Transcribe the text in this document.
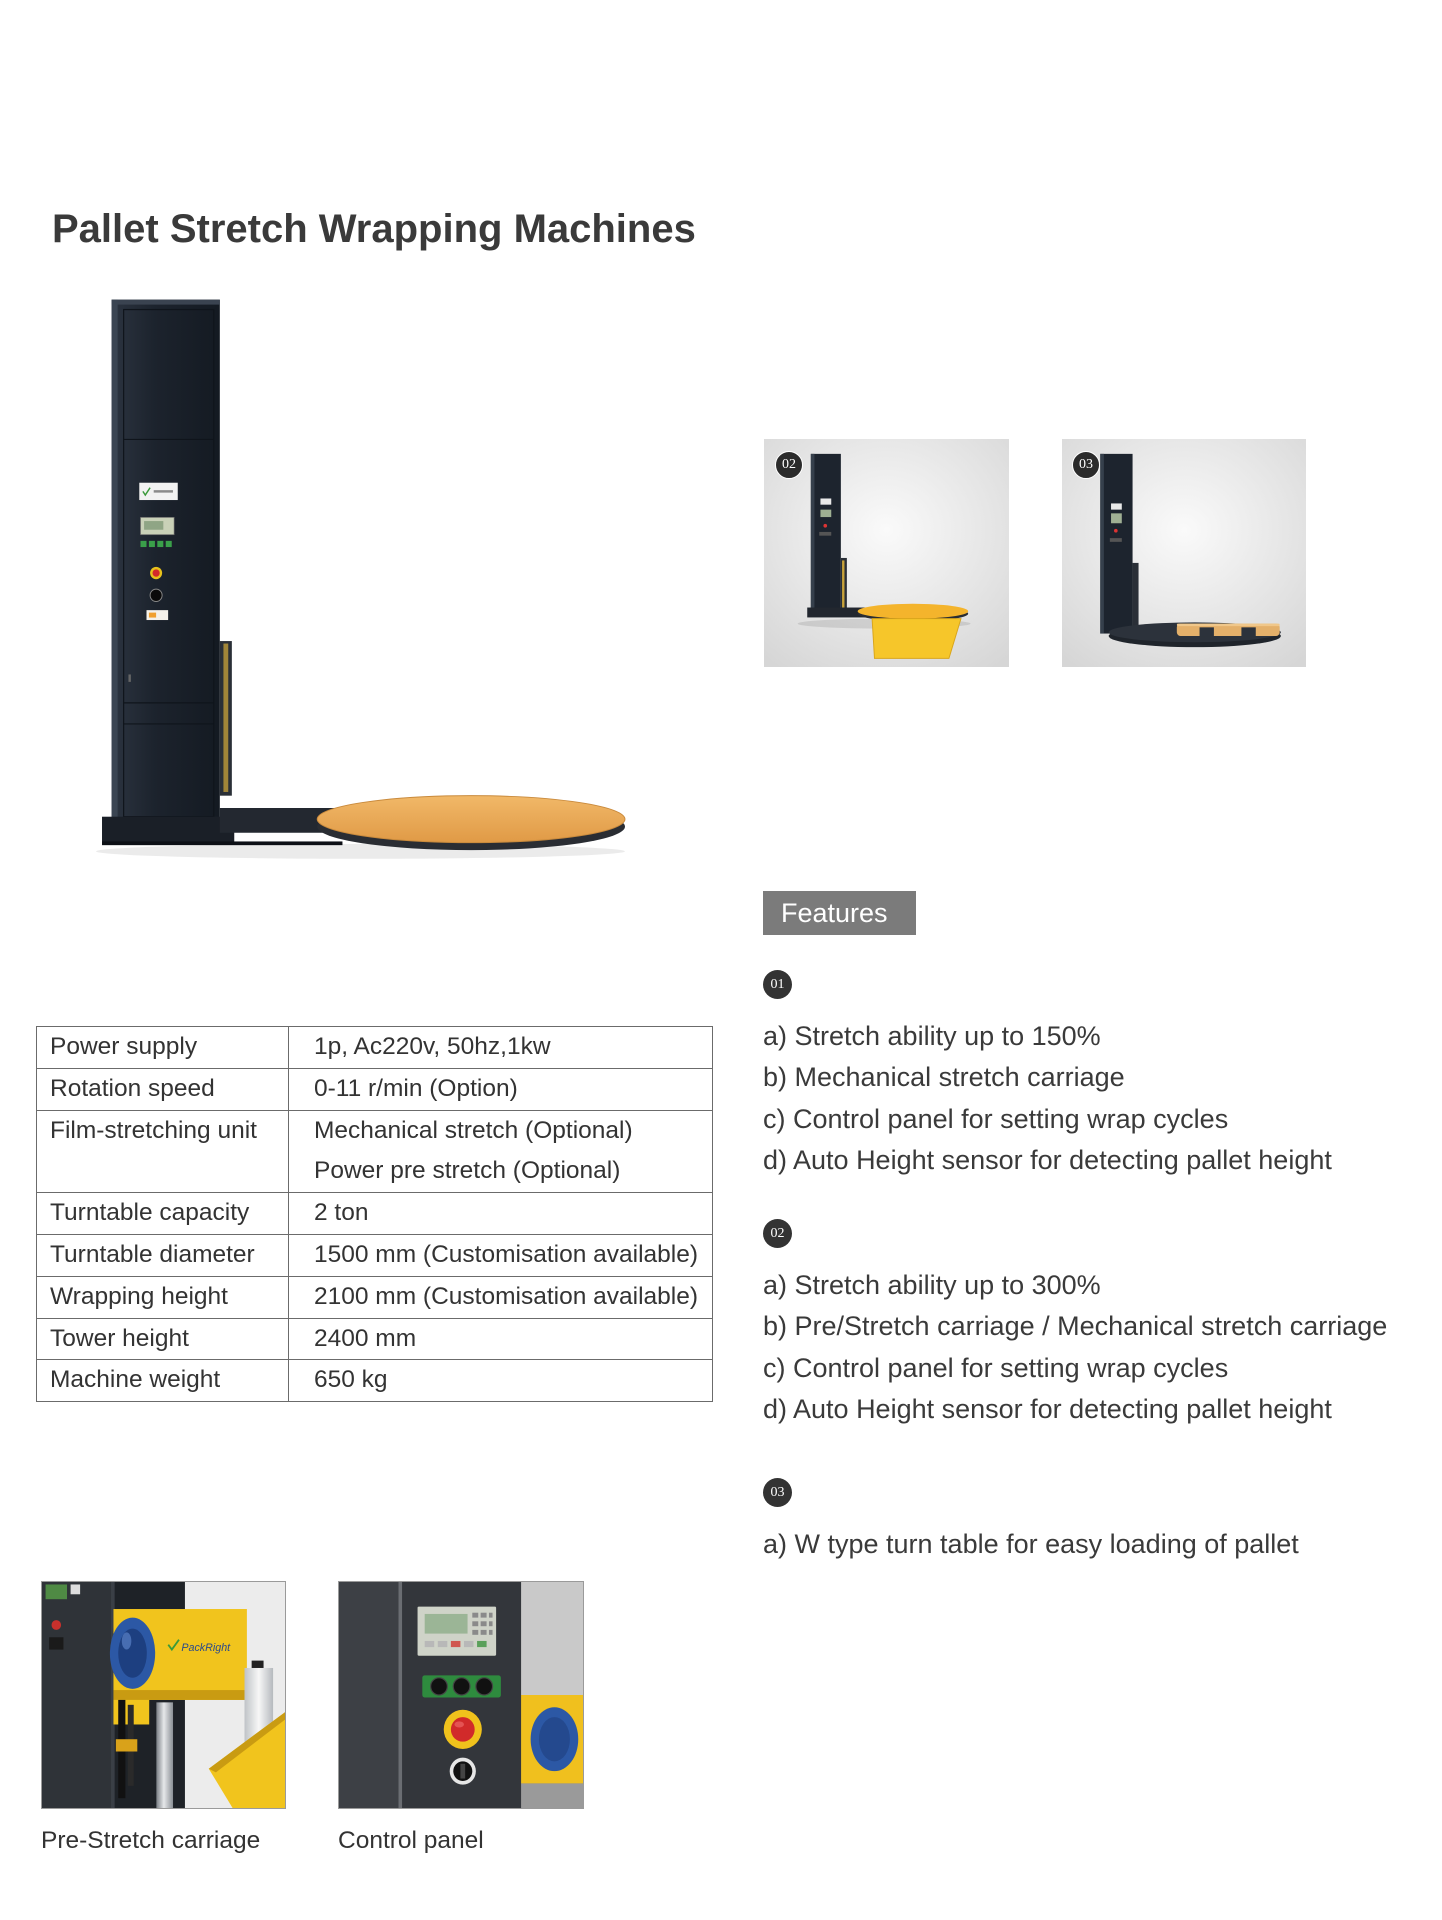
Pallet Stretch Wrapping Machines
02	03
Power supply	1p, Ac220v, 50hz,1kw
Rotation speed	0-11 r/min (Option)
Film-stretching unit	Mechanical stretch (Optional)
Power pre stretch (Optional)

Turntable capacity	2 ton
Turntable diameter	1500 mm (Customisation available)
Wrapping height	2100 mm (Customisation available)
Tower height	2400 mm
Machine weight	650 kg
Features
01
a) Stretch ability up to 150%
b) Mechanical stretch carriage
c) Control panel for setting wrap cycles
d) Auto Height sensor for detecting pallet height
02
a) Stretch ability up to 300%
b) Pre/Stretch carriage / Mechanical stretch carriage
c) Control panel for setting wrap cycles
d) Auto Height sensor for detecting pallet height
03
a) W type turn table for easy loading of pallet
PackRight
Pre-Stretch carriage	Control panel
